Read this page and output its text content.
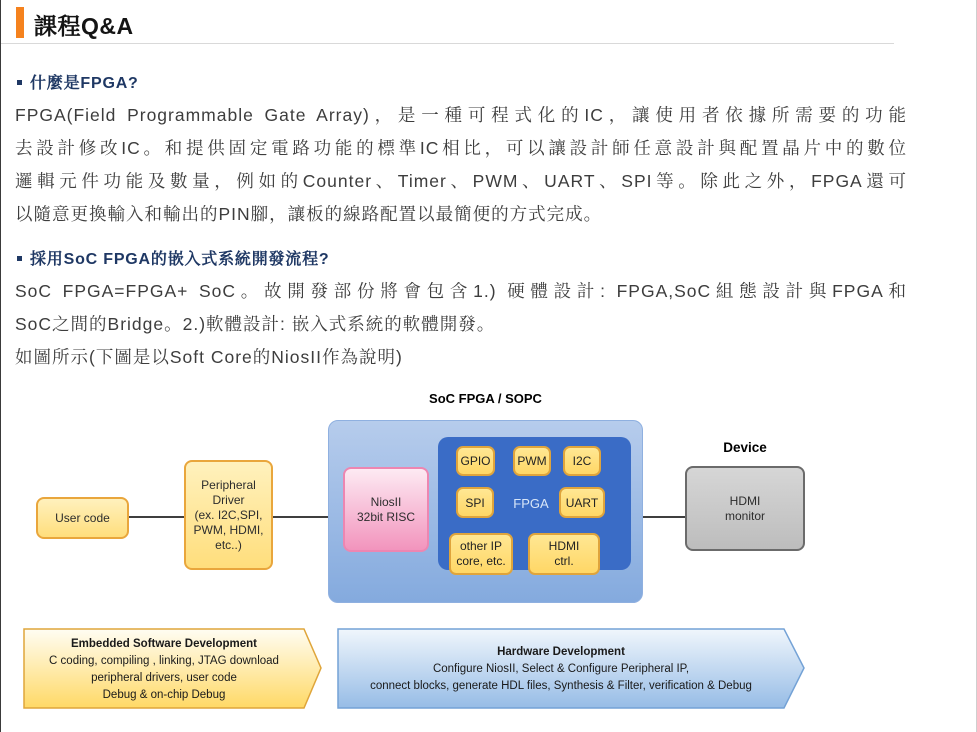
課程Q&A
什麼是FPGA?
FPGA(Field Programmable Gate Array)，是一種可程式化的IC，讓使用者依據所需要的功能
去設計修改IC。和提供固定電路功能的標準IC相比，可以讓設計師任意設計與配置晶片中的數位
邏輯元件功能及數量，例如的Counter、Timer、PWM、UART、SPI等。除此之外，FPGA還可
以隨意更換輸入和輸出的PIN腳，讓板的線路配置以最簡便的方式完成。
採用SoC FPGA的嵌入式系統開發流程?
SoC FPGA=FPGA+ SoC。故開發部份將會包含1.) 硬體設計: FPGA,SoC組態設計與FPGA和
SoC之間的Bridge。2.)軟體設計: 嵌入式系統的軟體開發。
如圖所示(下圖是以Soft Core的NiosII作為說明)
SoC FPGA / SOPC
FPGA
User code
Peripheral
Driver
(ex. I2C,SPI,
PWM, HDMI,
etc..)
NiosII
32bit RISC
GPIO PWM I2C
SPI	UART
other IP
core, etc.
HDMI
ctrl.
Device
HDMI
monitor
Embedded Software Development
C coding, compiling , linking, JTAG download
peripheral drivers, user code
Debug & on-chip Debug
Hardware Development
Configure NiosII, Select & Configure Peripheral IP,
connect blocks, generate HDL files, Synthesis & Filter, verification & Debug
